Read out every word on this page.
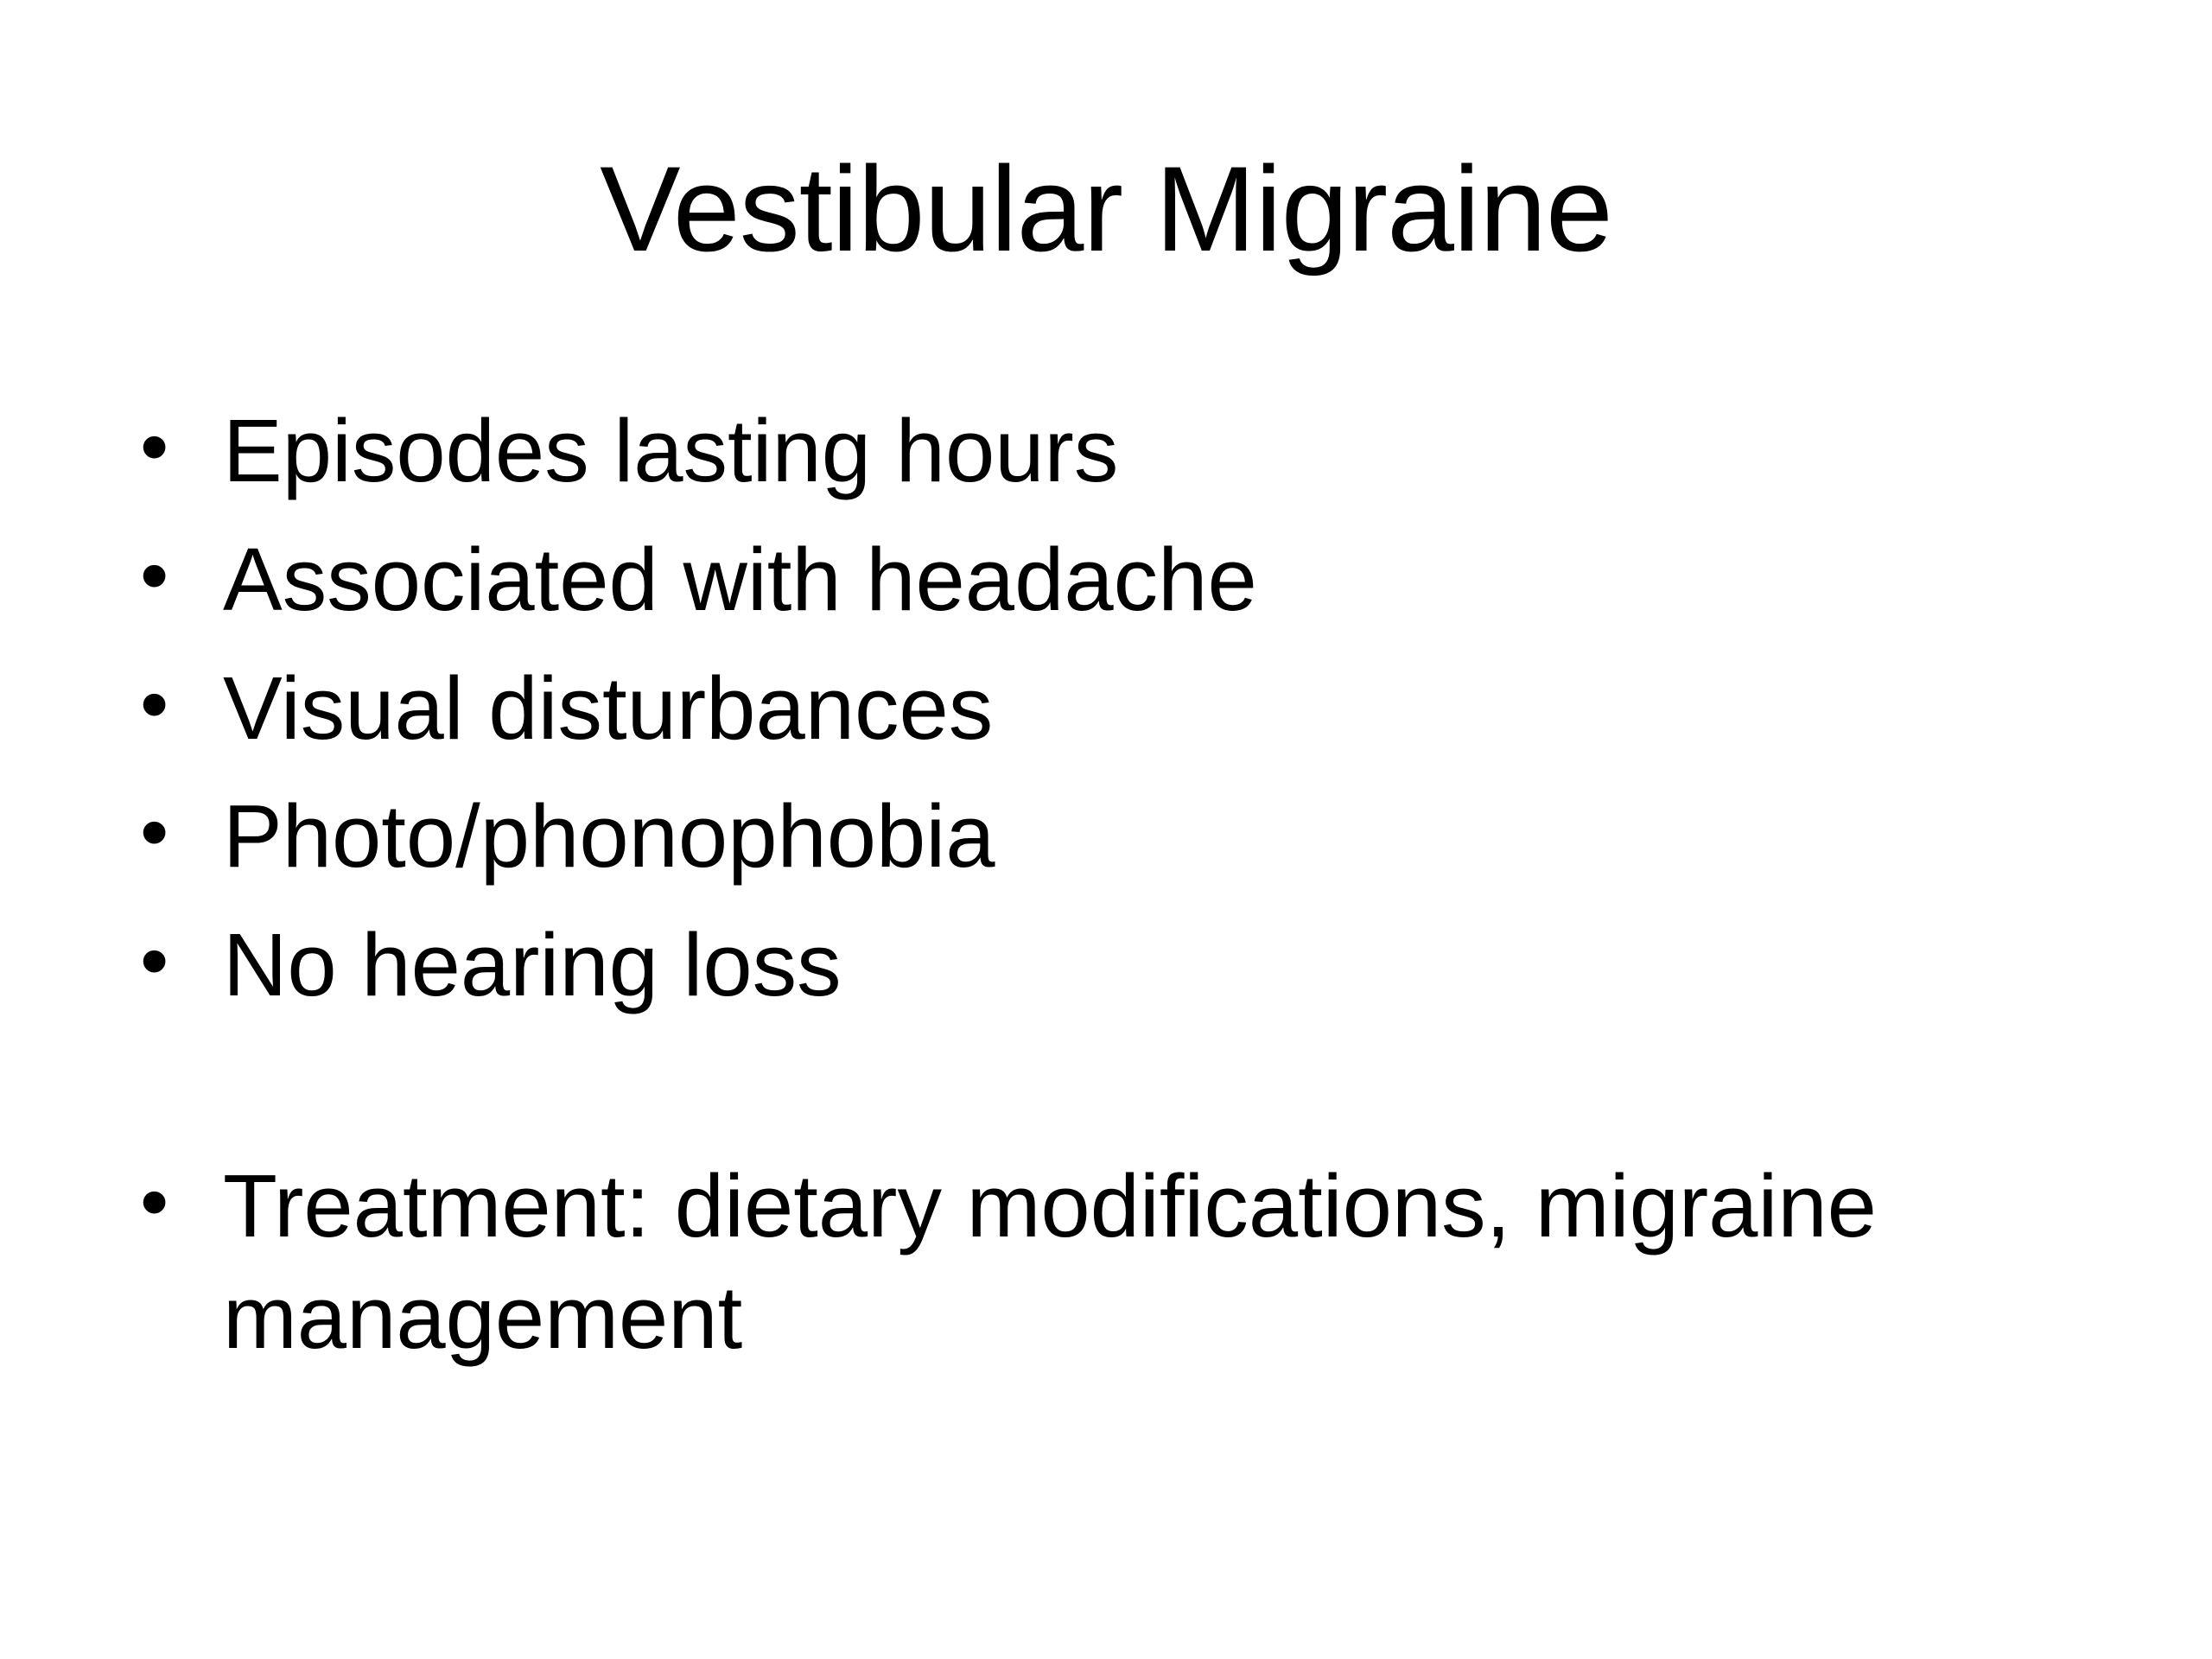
Vestibular Migraine
• Episodes lasting hours
• Associated with headache
• Visual disturbances
• Photo/phonophobia
• No hearing loss
• Treatment: dietary modifications, migraine management
